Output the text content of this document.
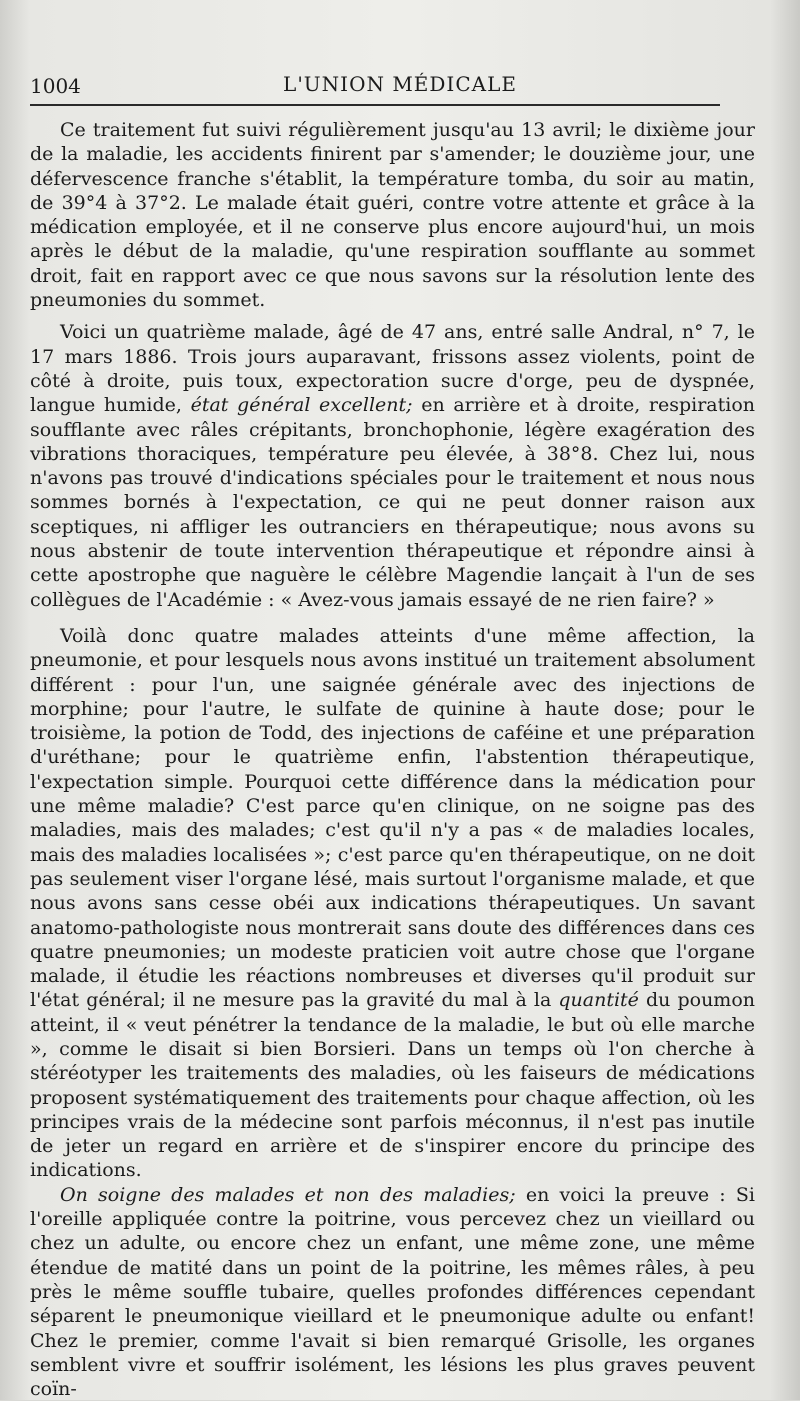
1004	L'UNION MÉDICALE

Ce traitement fut suivi régulièrement jusqu'au 13 avril; le dixième jour de la maladie, les accidents finirent par s'amender; le douzième jour, une défervescence franche s'établit, la température tomba, du soir au matin, de 39°4 à 37°2. Le malade était guéri, contre votre attente et grâce à la médication employée, et il ne conserve plus encore aujourd'hui, un mois après le début de la maladie, qu'une respiration soufflante au sommet droit, fait en rapport avec ce que nous savons sur la résolution lente des pneumonies du sommet.

Voici un quatrième malade, âgé de 47 ans, entré salle Andral, n° 7, le 17 mars 1886. Trois jours auparavant, frissons assez violents, point de côté à droite, puis toux, expectoration sucre d'orge, peu de dyspnée, langue humide, état général excellent; en arrière et à droite, respiration soufflante avec râles crépitants, bronchophonie, légère exagération des vibrations thoraciques, température peu élevée, à 38°8. Chez lui, nous n'avons pas trouvé d'indications spéciales pour le traitement et nous nous sommes bornés à l'expectation, ce qui ne peut donner raison aux sceptiques, ni affliger les outranciers en thérapeutique; nous avons su nous abstenir de toute intervention thérapeutique et répondre ainsi à cette apostrophe que naguère le célèbre Magendie lançait à l'un de ses collègues de l'Académie : « Avez-vous jamais essayé de ne rien faire? »

Voilà donc quatre malades atteints d'une même affection, la pneumonie, et pour lesquels nous avons institué un traitement absolument différent : pour l'un, une saignée générale avec des injections de morphine; pour l'autre, le sulfate de quinine à haute dose; pour le troisième, la potion de Todd, des injections de caféine et une préparation d'uréthane; pour le quatrième enfin, l'abstention thérapeutique, l'expectation simple. Pourquoi cette différence dans la médication pour une même maladie? C'est parce qu'en clinique, on ne soigne pas des maladies, mais des malades; c'est qu'il n'y a pas « de maladies locales, mais des maladies localisées »; c'est parce qu'en thérapeutique, on ne doit pas seulement viser l'organe lésé, mais surtout l'organisme malade, et que nous avons sans cesse obéi aux indications thérapeutiques. Un savant anatomo-pathologiste nous montrerait sans doute des différences dans ces quatre pneumonies; un modeste praticien voit autre chose que l'organe malade, il étudie les réactions nombreuses et diverses qu'il produit sur l'état général; il ne mesure pas la gravité du mal à la quantité du poumon atteint, il « veut pénétrer la tendance de la maladie, le but où elle marche », comme le disait si bien Borsieri. Dans un temps où l'on cherche à stéréotyper les traitements des maladies, où les faiseurs de médications proposent systématiquement des traitements pour chaque affection, où les principes vrais de la médecine sont parfois méconnus, il n'est pas inutile de jeter un regard en arrière et de s'inspirer encore du principe des indications.

On soigne des malades et non des maladies; en voici la preuve : Si l'oreille appliquée contre la poitrine, vous percevez chez un vieillard ou chez un adulte, ou encore chez un enfant, une même zone, une même étendue de matité dans un point de la poitrine, les mêmes râles, à peu près le même souffle tubaire, quelles profondes différences cependant séparent le pneumonique vieillard et le pneumonique adulte ou enfant! Chez le premier, comme l'avait si bien remarqué Grisolle, les organes semblent vivre et souffrir isolément, les lésions les plus graves peuvent coïn-
